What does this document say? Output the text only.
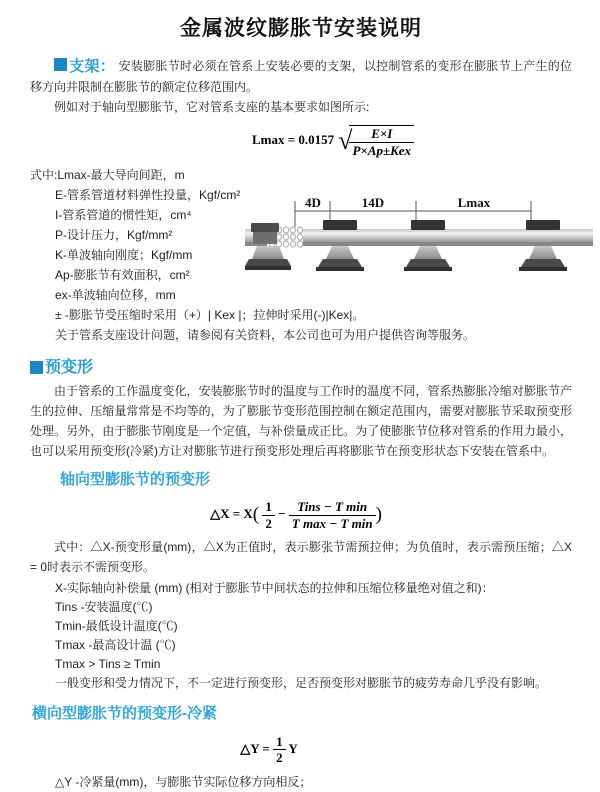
金属波纹膨胀节安装说明

支架： 安装膨胀节时必须在管系上安装必要的支架，以控制管系的变形在膨胀节上产生的位移方向并限制在膨胀节的额定位移范围内。

例如对于轴向型膨胀节，它对管系支座的基本要求如图所示:

Lmax = 0.0157 √
$\frac{E\times I}{\text{P×Ap±Kex}}$
式中:Lmax-最大导向间距，m
E-管系管道材料弹性投量，Kgf/cm²
I-管系管道的惯性矩，cm⁴
P-设计压力，Kgf/mm²
K-单波轴向刚度；Kgf/mm
Ap-膨胀节有效面积，cm²
ex-单波轴向位移，mm
± -膨胀节受压缩时采用（+）| Kex |；拉伸时采用(-)|Kex|。
关于管系支座设计问题，请参阅有关资料，本公司也可为用户提供咨询等服务。
预变形

由于管系的工作温度变化，安装膨胀节时的温度与工作时的温度不同，管系热膨胀冷缩对膨胀节产生的拉伸、压缩量常常是不均等的，为了膨胀节变形范围控制在额定范围内，需要对膨胀节采取预变形处理。另外，由于膨胀节刚度是一个定值，与补偿量成正比。为了使膨胀节位移对管系的作用力最小，也可以采用预变形(冷紧)方让对膨胀节进行预变形处理后再将膨胀节在预变形状态下安装在管系中。

轴向型膨胀节的预变形
△X = $X( \frac{1}{2} - \frac{\text{Tins − T min}}{\text{T max − T min}}$ )

式中：△X-预变形量(mm)，△X为正值时，表示膨张节需预拉伸；为负值时，表示需预压缩；△X = 0时表示不需预变形。

X-实际轴向补偿量 (mm) (相对于膨胀节中间状态的拉伸和压缩位移量绝对值之和)：
Tins -安装温度(℃)
Tmin-最低设计温度(℃)
Tmax -最高设计温 (℃)
Tmax > Tins ≥ Tmin
一般变形和受力情况下，不一定进行预变形，足否预变形对膨胀节的疲劳寿命几乎没有影响。
横向型膨胀节的预变形-冷紧
△Y = $\frac{1}{2}$ Y
△Y -冷紧量(mm)，与膨胀节实际位移方向相反；
4D	14D	Lmax
